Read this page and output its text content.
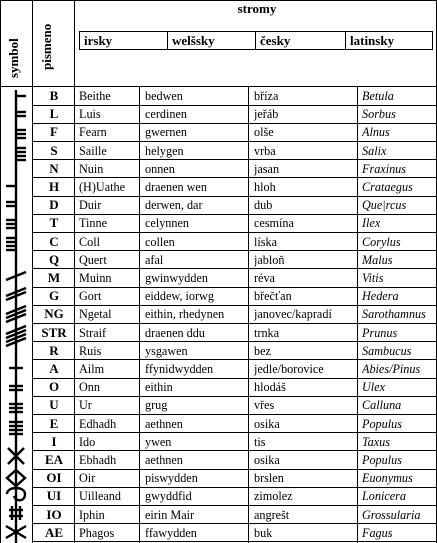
symbol pismeno
stromy
irsky	welšsky	česky	latinsky
B	Beithe	bedwen	bříza	Betula
L	Luis	cerdinen	jeřáb	Sorbus
F	Fearn	gwernen	olše	Alnus
S	Saille	helygen	vrba	Salix
N	Nuin	onnen	jasan	Fraxinus
H	(H)Uathe	draenen wen	hloh	Crataegus
D	Duir	derwen, dar	dub	Que|rcus
T	Tinne	celynnen	cesmína	Ilex
C	Coll	collen	líska	Corylus
Q	Quert	afal	jabloň	Malus
M	Muinn	gwinwydden	réva	Vitis
G	Gort	eiddew, iorwg	břečťan	Hedera
NG	Ngetal	eithin, rhedynen	janovec/kapradí	Sarothamnus
STR	Straif	draenen ddu	trnka	Prunus
R	Ruis	ysgawen	bez	Sambucus
A	Ailm	ffynidwydden	jedle/borovice	Abies/Pinus
O	Onn	eithin	hlodáš	Ulex
U	Ur	grug	vřes	Calluna
E	Edhadh	aethnen	osika	Populus
I	Ido	ywen	tis	Taxus
EA	Ebhadh	aethnen	osika	Populus
OI	Oir	piswydden	brslen	Euonymus
UI	Uilleand	gwyddfid	zimolez	Lonicera
IO	Iphin	eirin Mair	angrešt	Grossularia
AE	Phagos	ffawydden	buk	Fagus
